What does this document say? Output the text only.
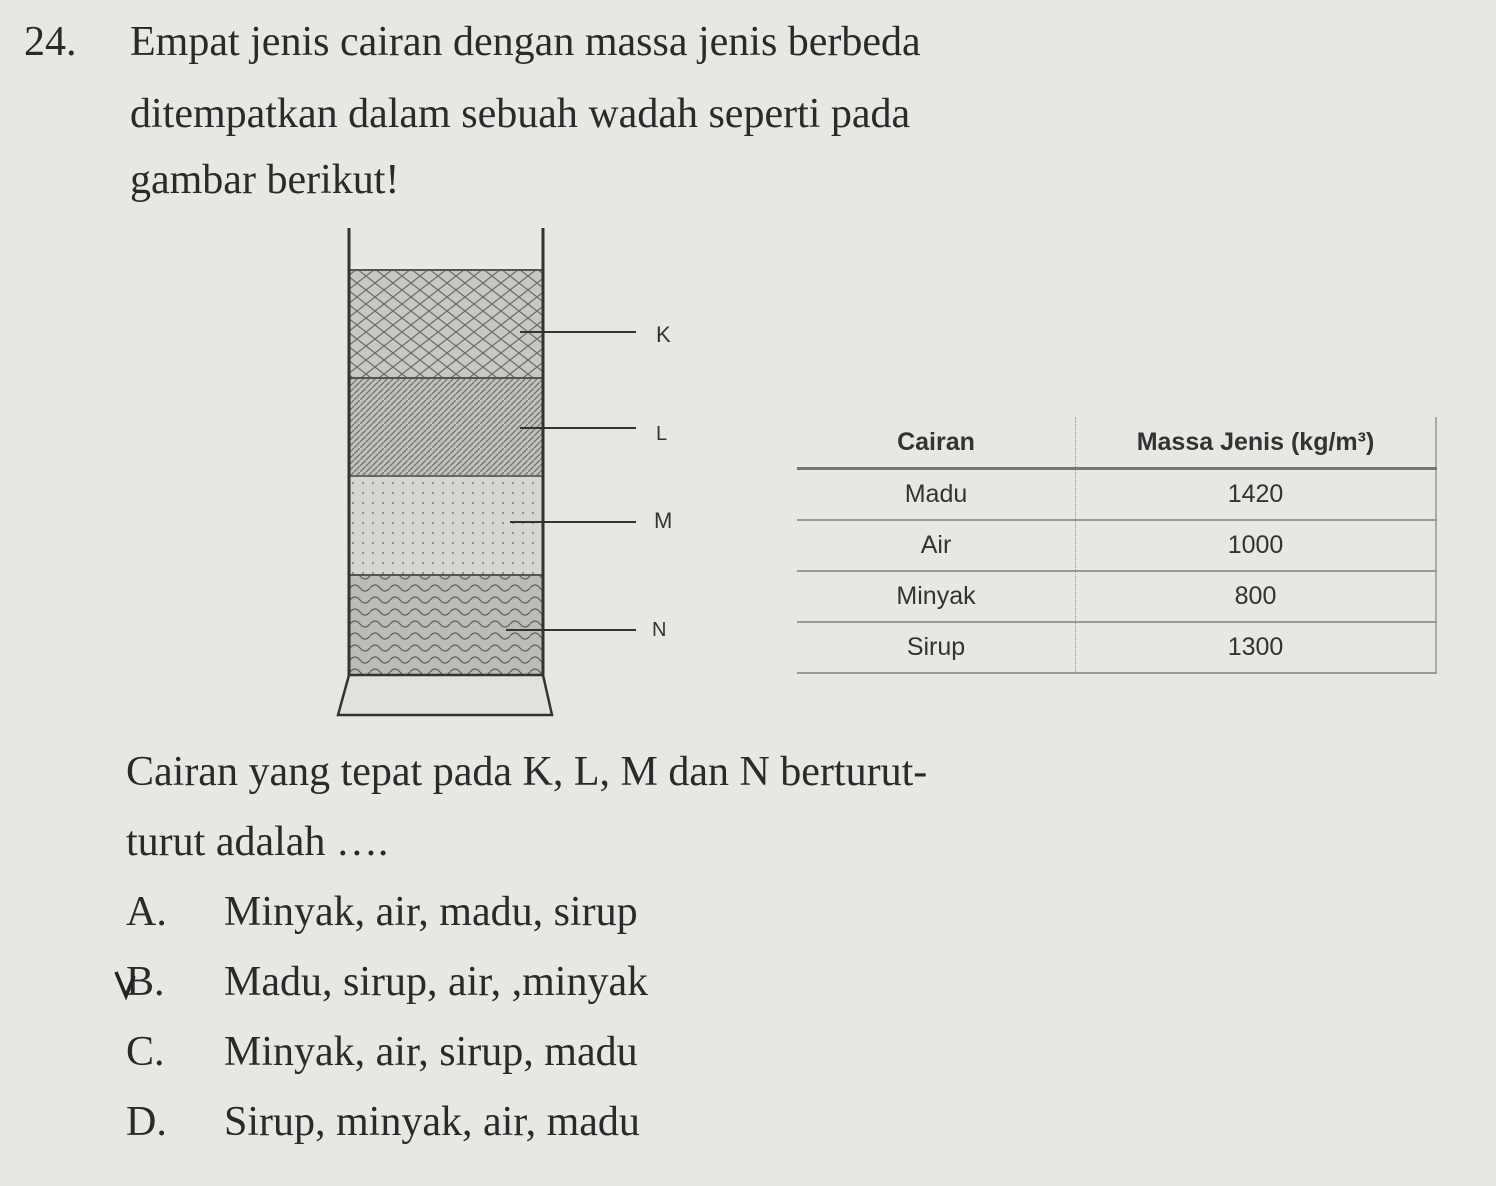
24. Empat jenis cairan dengan massa jenis berbeda
ditempatkan dalam sebuah wadah seperti pada
gambar berikut!
K
L
M
N
Cairan	Massa Jenis (kg/m³)
Madu	1420
Air	1000
Minyak	800
Sirup	1300
Cairan yang tepat pada K, L, M dan N berturut-
turut adalah ….
A. Minyak, air, madu, sirup
B. Madu, sirup, air, ,minyak
C. Minyak, air, sirup, madu
D. Sirup, minyak, air, madu
